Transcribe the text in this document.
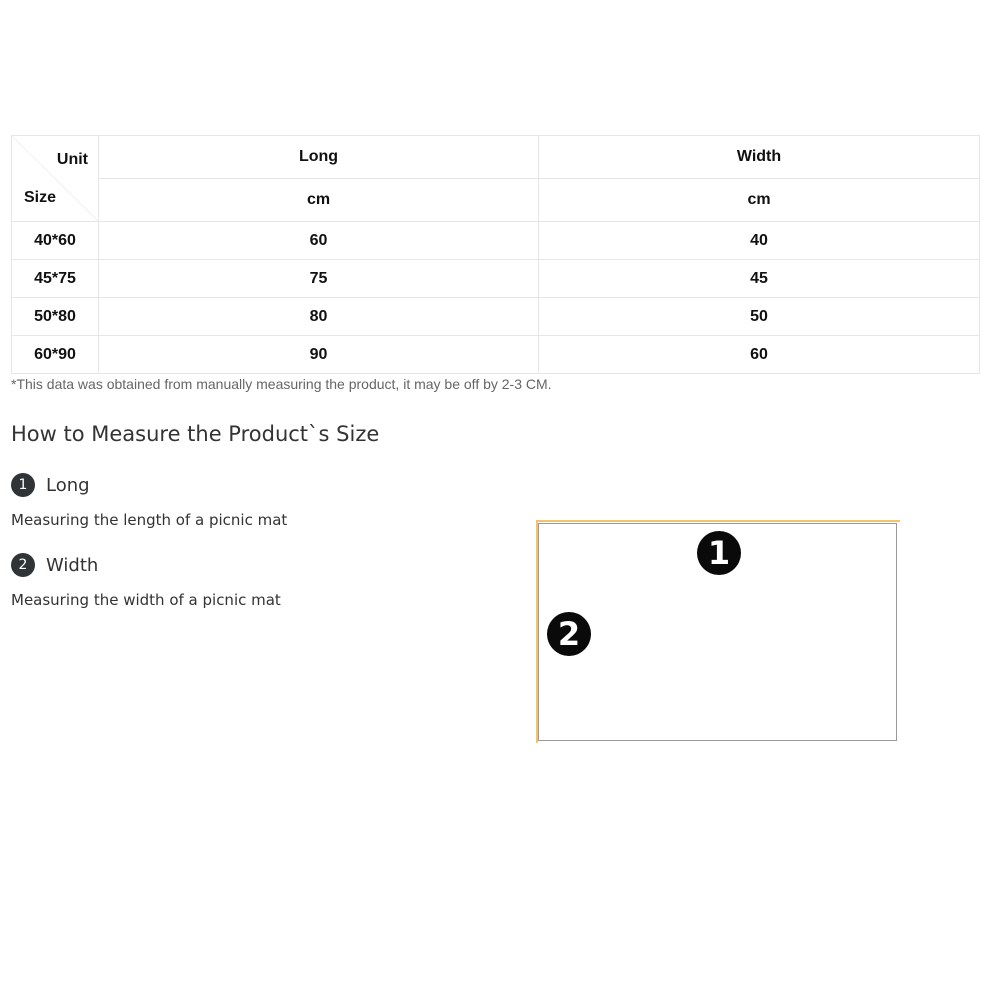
Unit
Size	Long	Width
	cm	cm
40*60	60	40
45*75	75	45
50*80	80	50
60*90	90	60
*This data was obtained from manually measuring the product, it may be off by 2-3 CM.
How to Measure the Product`s Size
1	Long
Measuring the length of a picnic mat
2	Width
Measuring the width of a picnic mat
1
2
